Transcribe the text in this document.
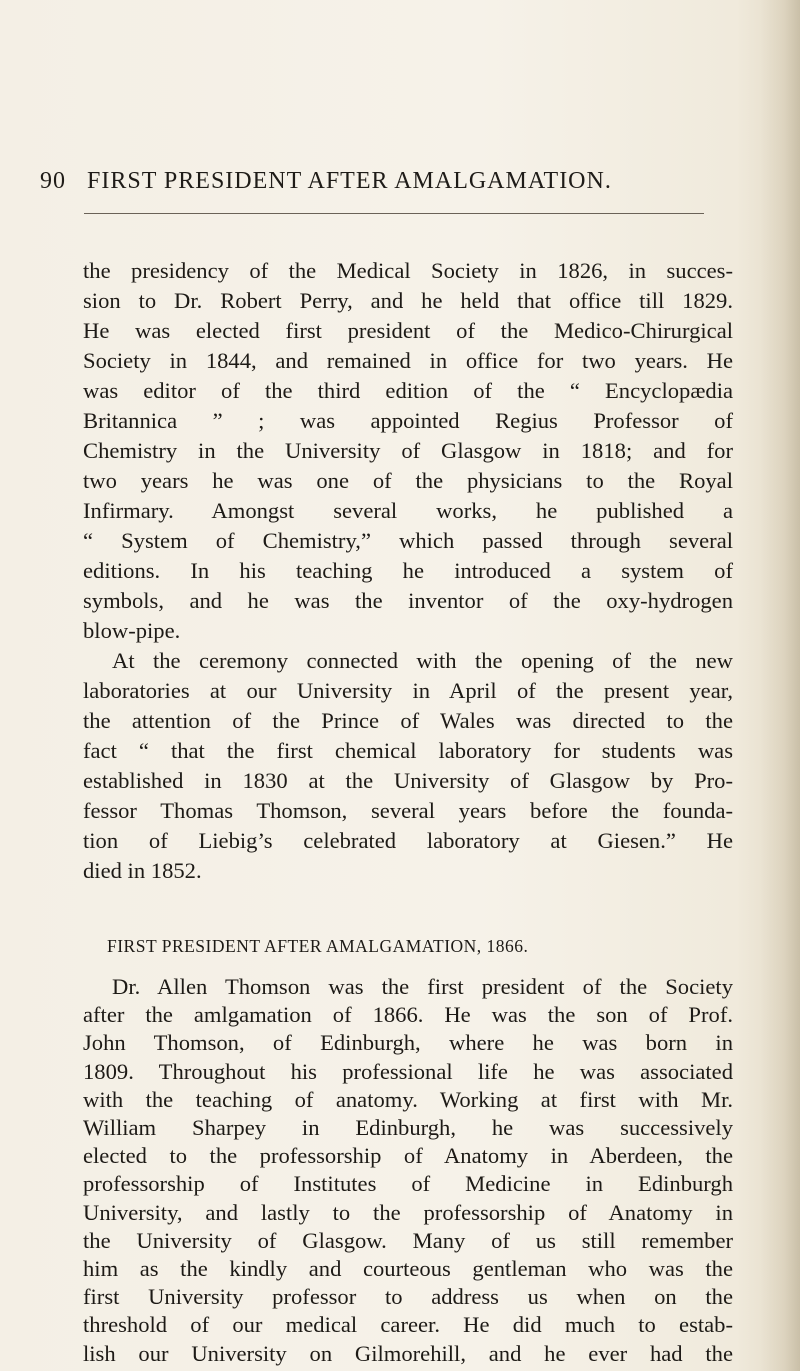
90 FIRST PRESIDENT AFTER AMALGAMATION.
the presidency of the Medical Society in 1826, in succes-
sion to Dr. Robert Perry, and he held that office till 1829.
He was elected first president of the Medico-Chirurgical
Society in 1844, and remained in office for two years. He
was editor of the third edition of the “ Encyclopædia
Britannica ” ; was appointed Regius Professor of
Chemistry in the University of Glasgow in 1818; and for
two years he was one of the physicians to the Royal
Infirmary. Amongst several works, he published a
“ System of Chemistry,” which passed through several
editions. In his teaching he introduced a system of
symbols, and he was the inventor of the oxy-hydrogen
blow-pipe.
At the ceremony connected with the opening of the new
laboratories at our University in April of the present year,
the attention of the Prince of Wales was directed to the
fact “ that the first chemical laboratory for students was
established in 1830 at the University of Glasgow by Pro-
fessor Thomas Thomson, several years before the founda-
tion of Liebig’s celebrated laboratory at Giesen.” He
died in 1852.
FIRST PRESIDENT AFTER AMALGAMATION, 1866.
Dr. Allen Thomson was the first president of the Society
after the amlgamation of 1866. He was the son of Prof.
John Thomson, of Edinburgh, where he was born in
1809. Throughout his professional life he was associated
with the teaching of anatomy. Working at first with Mr.
William Sharpey in Edinburgh, he was successively
elected to the professorship of Anatomy in Aberdeen, the
professorship of Institutes of Medicine in Edinburgh
University, and lastly to the professorship of Anatomy in
the University of Glasgow. Many of us still remember
him as the kindly and courteous gentleman who was the
first University professor to address us when on the
threshold of our medical career. He did much to estab-
lish our University on Gilmorehill, and he ever had the
